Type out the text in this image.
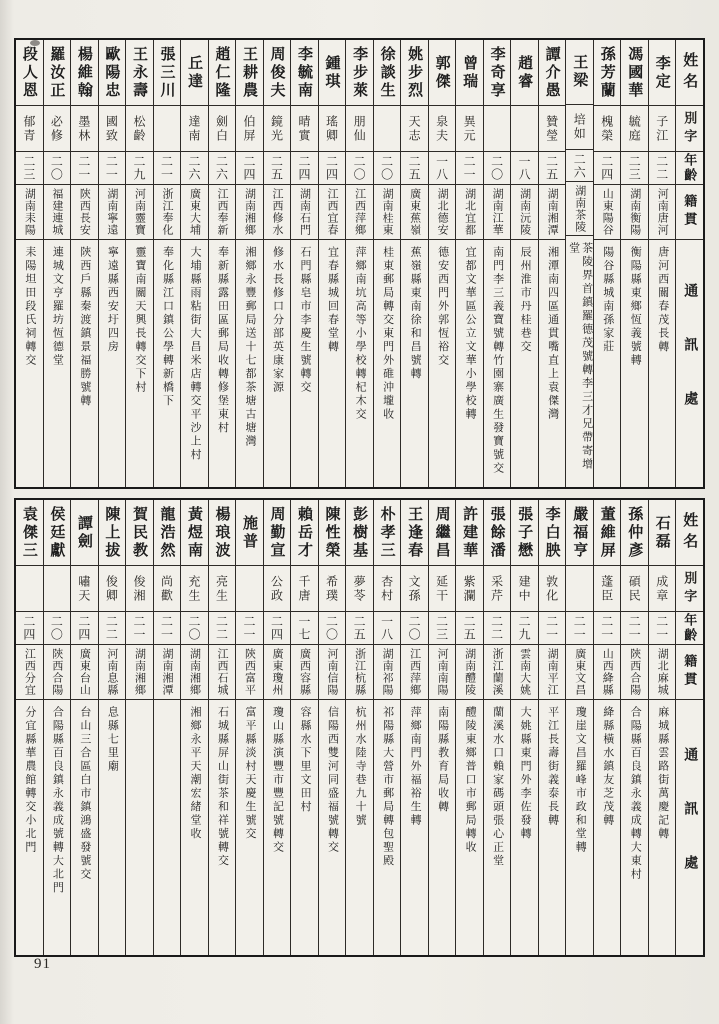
姓名
別字
年齡
籍貫
通訊處
李定
子江
二二
河南唐河
唐河西關春茂長轉
馮國華
毓庭
二三
湖南衡陽
衡陽縣東鄉恆義號轉
孫芳蘭
槐榮
二四
山東陽谷
陽谷縣城南孫家莊
王梁
培如
二六
湖南茶陵
茶陵界首鎮羅德茂號轉李三才兄帶寄增堂
譚介愚
贊瑩
二五
湖南湘潭
湘潭南四區通貫嘴直上袁傑灣
趙睿
一八
湖南沅陵
辰州淮市丹桂巷交
李奇享
二〇
湖南江華
南門李三義寶號轉竹園寨廣生發寶號交
曾瑞
異元
二一
湖北宜都
宜都文華區公立文華小學校轉
郭傑
泉夫
一八
湖北德安
德安西門外郭恆裕交
姚步烈
天志
二五
廣東蕉嶺
蕉嶺縣東南徐和昌號轉
徐談生
二〇
湖南桂東
桂東郵局轉交東門外碓沖壠收
李步萊
朋仙
二〇
江西萍鄉
萍鄉南坑高等小學校轉杞木交
鍾琪
瑤卿
二四
江西宜春
宜春縣城回春堂轉
李毓南
晴實
二四
湖南石門
石門縣皂市李慶生號轉交
周俊夫
鏡光
二五
江西修水
修水長修口分部英康家源
王耕農
伯屏
二四
湖南湘鄉
湘鄉永豐郵局送十七都茶塘古塘灣
趙仁隆
劍白
二六
江西奉新
奉新縣露田區郵局收轉修堡東村
丘達
達南
二六
廣東大埔
大埔縣雨粘街大昌米店轉交平沙上村
張三川
二一
浙江奉化
奉化縣江口鎮公學轉新橋下
王永壽
松齡
二九
河南靈寶
靈寶南關天興長轉交下村
歐陽忠
國致
二一
湖南寧遠
寧遠縣西安圩四房
楊維翰
墨林
二一
陝西長安
陝西戶縣秦渡鎮景福勝號轉
羅汝正
必修
二〇
福建連城
連城文亨羅坊恆德堂
段人恩
郁青
二三
湖南耒陽
耒陽坦田段氏祠轉交
姓名
別字
年齡
籍貫
通訊處
石磊
成章
二一
湖北麻城
麻城縣雲路街萬慶記轉
孫仲彥
碩民
二一
陝西合陽
合陽縣百良鎮永義成轉大東村
董維屏
蓬臣
二一
山西絳縣
絳縣橫水鎮友芝茂轉
嚴福亨
二一
廣東文昌
瓊崖文昌羅峰市政和堂轉
李白胦
敦化
二一
湖南平江
平江長壽街義泰長轉
張子懋
建中
二九
雲南大姚
大姚縣東門外李佐發轉
張餘潘
采芹
二二
浙江蘭溪
蘭溪水口賴家碼頭張心正堂
許建華
紫瀾
二五
湖南醴陵
醴陵東鄉普口市郵局轉收
周繼昌
延干
二三
河南南陽
南陽縣教育局收轉
王逢春
文孫
二〇
江西萍鄉
萍鄉南門外福裕生轉
朴孝三
杏村
一八
湖南祁陽
祁陽縣大營市郵局轉包聖殿
彭樹基
夢苓
二五
浙江杭縣
杭州水陸寺巷九十號
陳性榮
希璞
二〇
河南信陽
信陽西雙河同盛福號轉交
賴岳才
千唐
一七
廣西容縣
容縣水下里文田村
周勤宣
公政
二四
廣東瓊州
瓊山縣演豐市豐記號轉交
施普
二一
陝西富平
富平縣淡村天慶生號交
楊琅波
亮生
二二
江西石城
石城縣屏山街茶和祥號轉交
黃煜南
充生
二〇
湖南湘鄉
湘鄉永平天潮宏緒堂收
龍浩然
尚歡
二一
湖南湘潭
賀民教
俊湘
二一
湖南湘鄉
陳上拔
俊卿
二二
河南息縣
息縣七里廟
譚劍
嘯天
二四
廣東台山
台山三合區白市鎮鴻盛發號交
侯廷獻
二〇
陝西合陽
合陽縣百良鎮永義成號轉大北門
袁傑三
二四
江西分宜
分宜縣華農館轉交小北門
91
